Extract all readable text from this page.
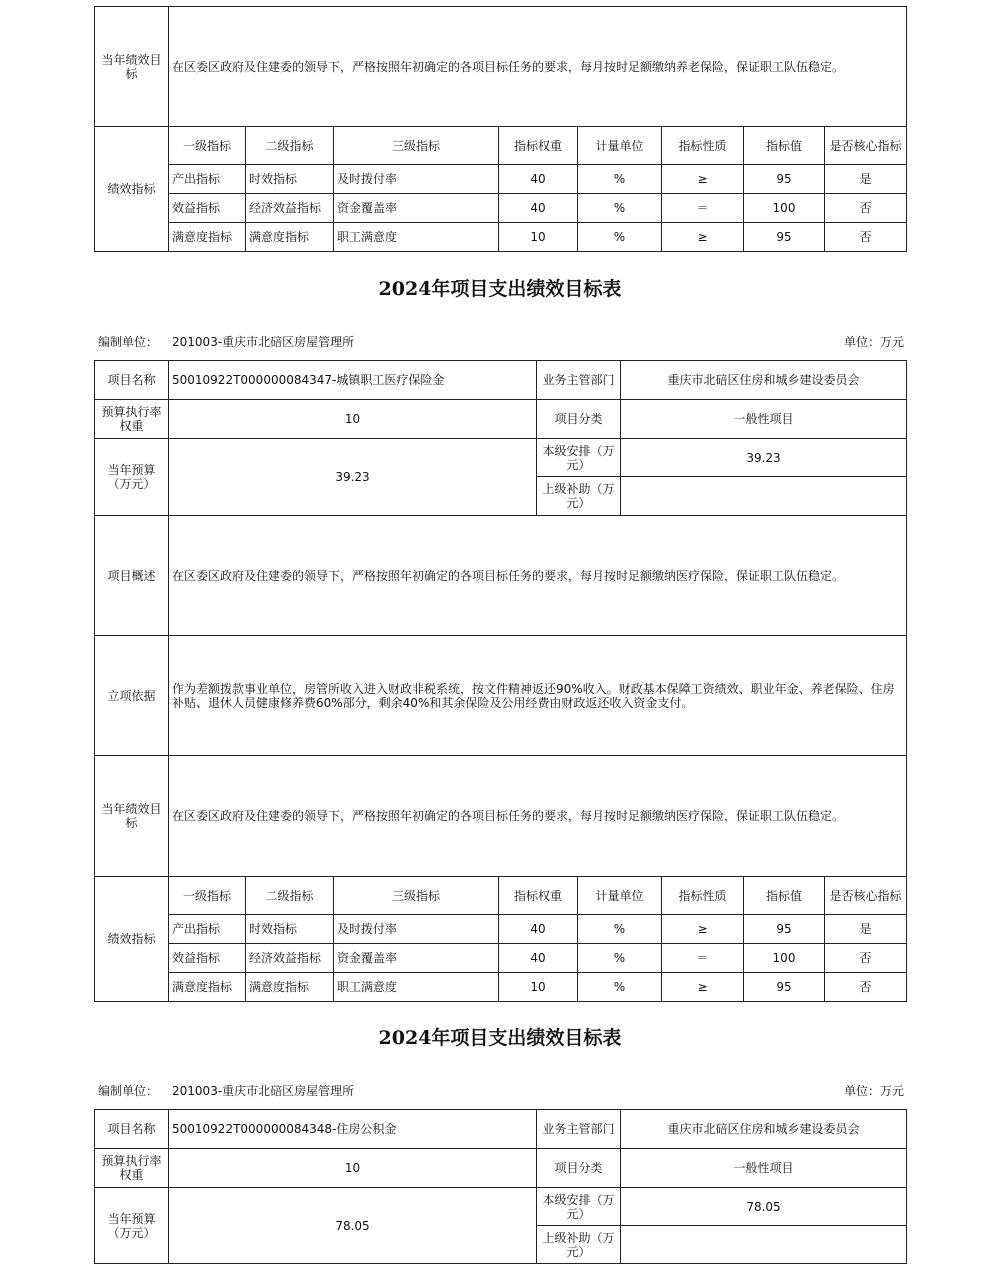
当年绩效目标	在区委区政府及住建委的领导下，严格按照年初确定的各项目标任务的要求，每月按时足额缴纳养老保险，保证职工队伍稳定。							
绩效指标	一级指标	二级指标	三级指标	指标权重	计量单位	指标性质	指标值	是否核心指标
	产出指标	时效指标	及时拨付率	40	%	≥	95	是
	效益指标	经济效益指标	资金覆盖率	40	%	＝	100	否
	满意度指标	满意度指标	职工满意度	10	%	≥	95	否
2024年项目支出绩效目标表
编制单位： 201003-重庆市北碚区房屋管理所	单位：万元
项目名称	50010922T000000084347-城镇职工医疗保险金	业务主管部门	重庆市北碚区住房和城乡建设委员会
预算执行率权重	10	项目分类	一般性项目
当年预算（万元）	39.23	本级安排（万元）	39.23
		上级补助（万元）	
项目概述	在区委区政府及住建委的领导下，严格按照年初确定的各项目标任务的要求，每月按时足额缴纳医疗保险，保证职工队伍稳定。							
立项依据	作为差额拨款事业单位，房管所收入进入财政非税系统，按文件精神返还90%收入。财政基本保障工资绩效、职业年金、养老保险、住房补贴、退休人员健康修养费60%部分，剩余40%和其余保险及公用经费由财政返还收入资金支付。							
当年绩效目标	在区委区政府及住建委的领导下，严格按照年初确定的各项目标任务的要求，每月按时足额缴纳医疗保险，保证职工队伍稳定。							
绩效指标	一级指标	二级指标	三级指标	指标权重	计量单位	指标性质	指标值	是否核心指标
	产出指标	时效指标	及时拨付率	40	%	≥	95	是
	效益指标	经济效益指标	资金覆盖率	40	%	＝	100	否
	满意度指标	满意度指标	职工满意度	10	%	≥	95	否
2024年项目支出绩效目标表
编制单位： 201003-重庆市北碚区房屋管理所	单位：万元
项目名称	50010922T000000084348-住房公积金	业务主管部门	重庆市北碚区住房和城乡建设委员会
预算执行率权重	10	项目分类	一般性项目
当年预算（万元）	78.05	本级安排（万元）	78.05
		上级补助（万元）	
